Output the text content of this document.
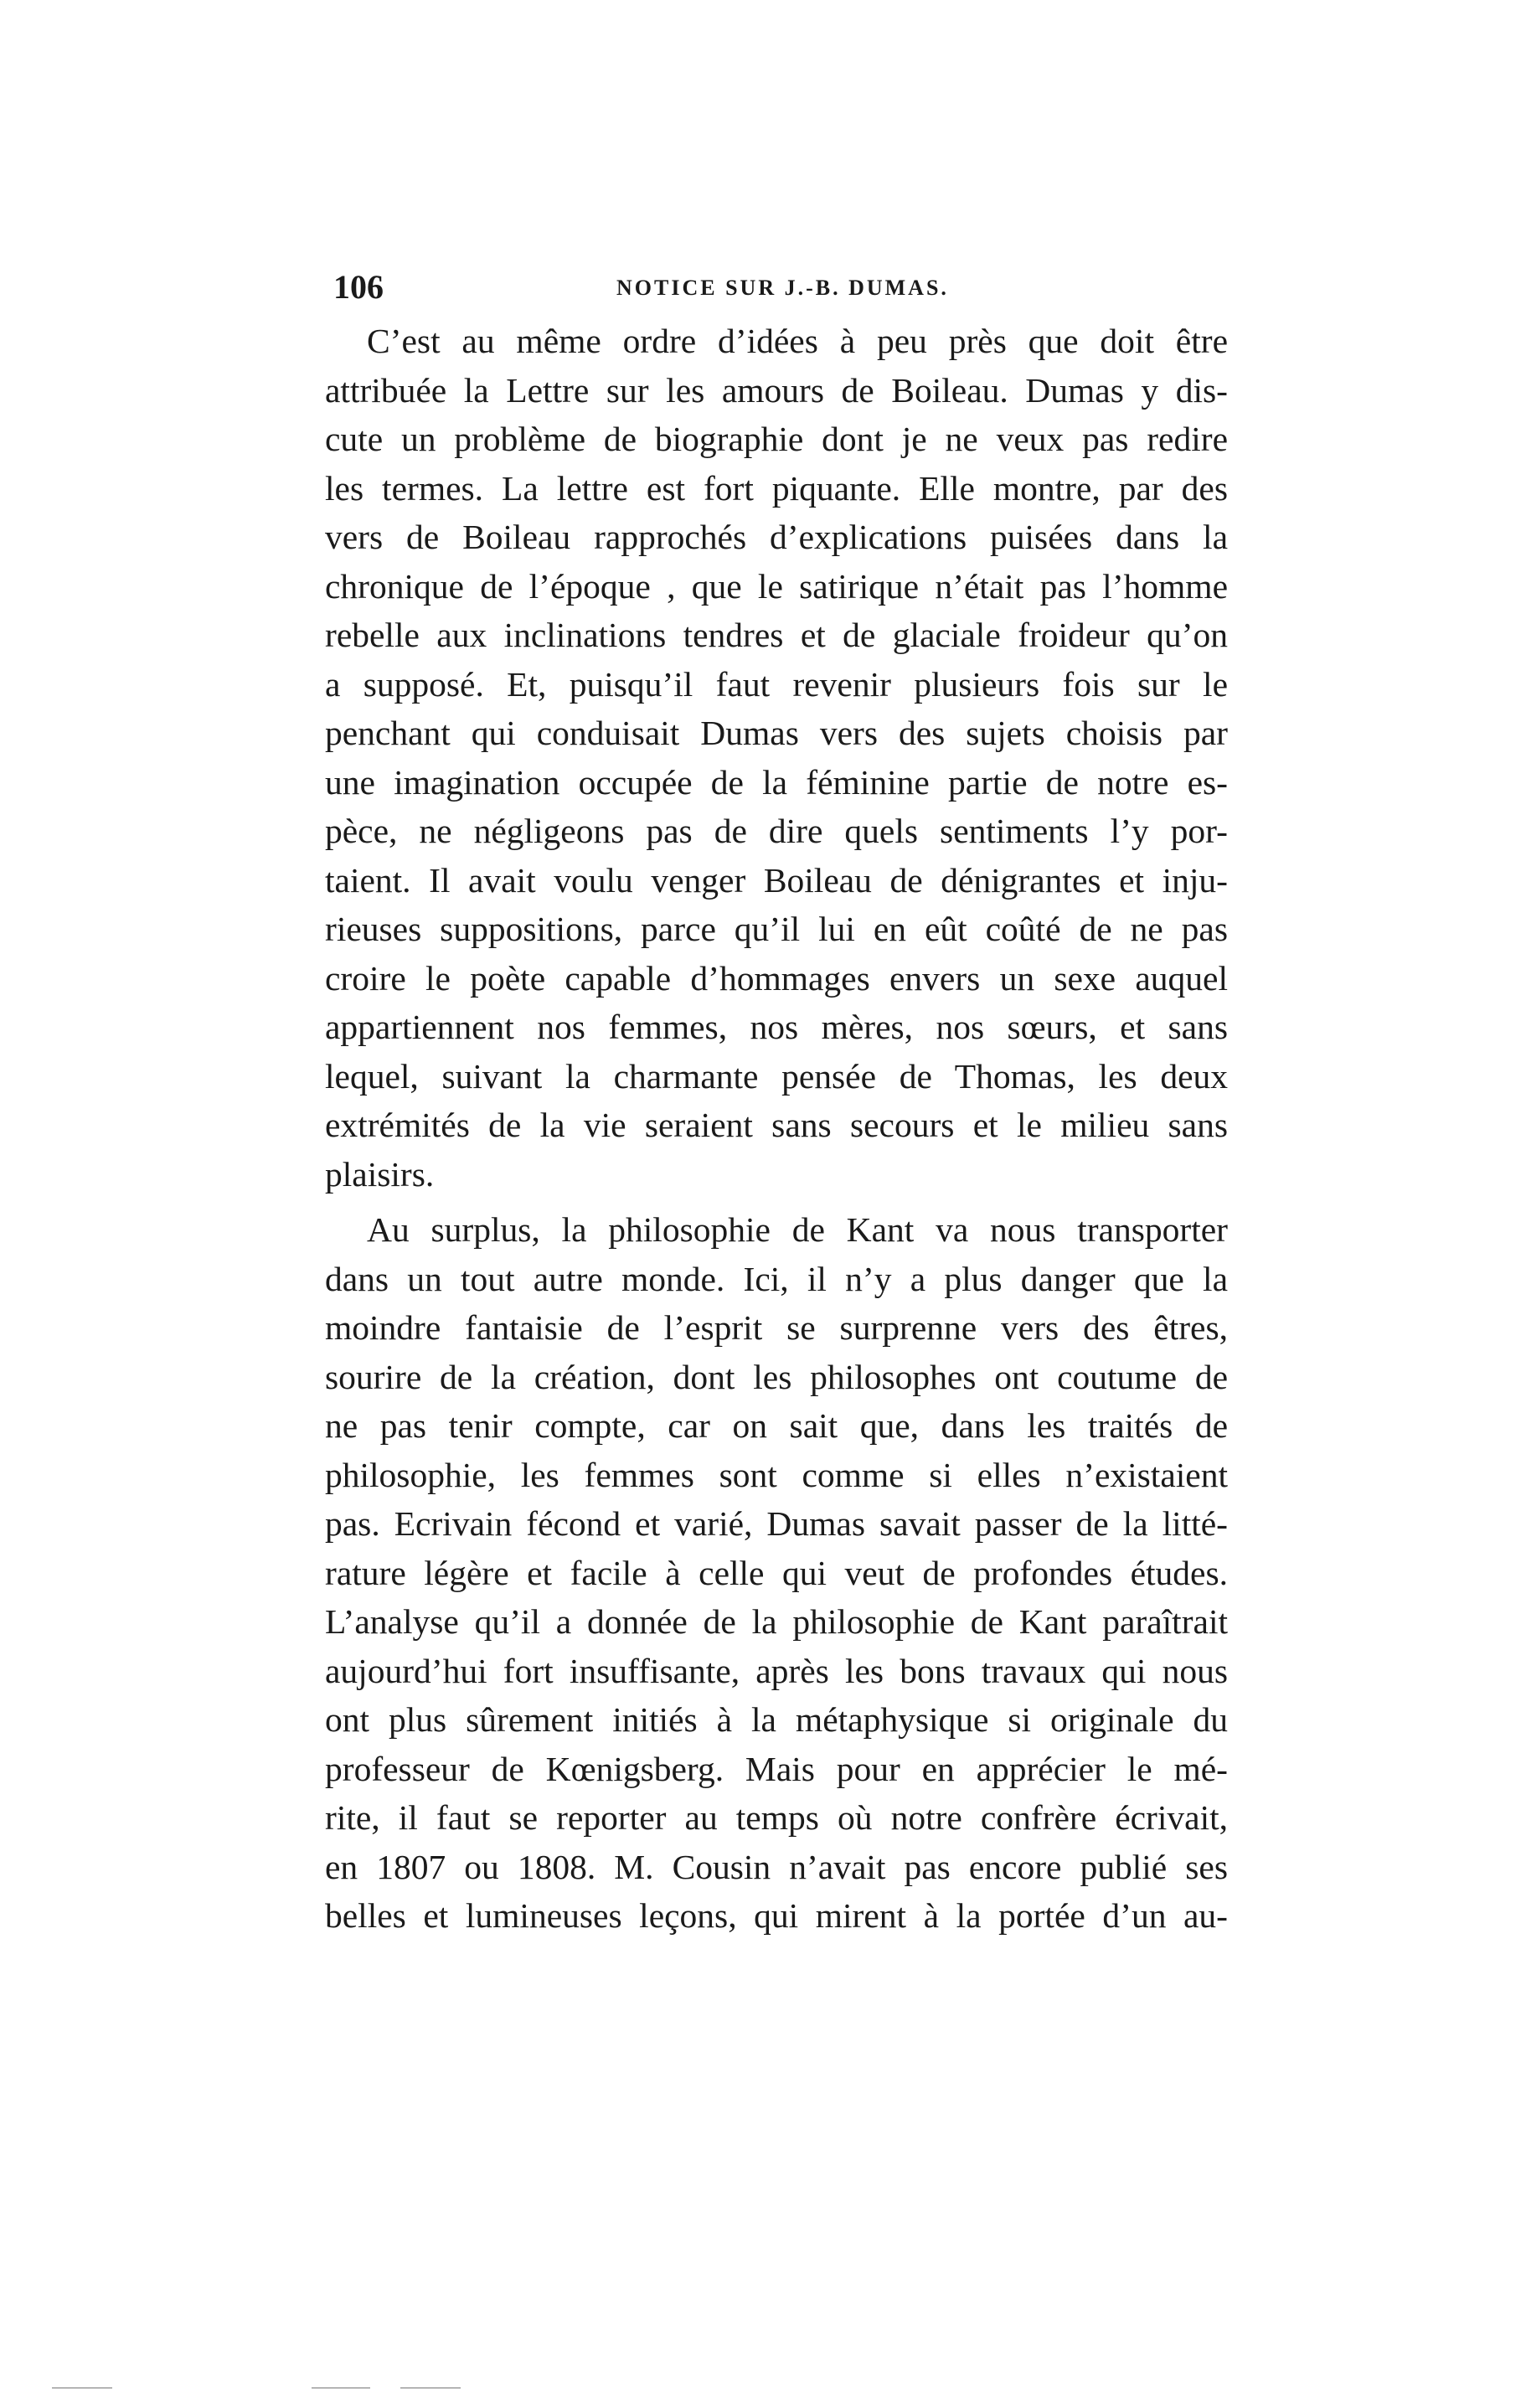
106	NOTICE SUR J.-B. DUMAS.
C’est au même ordre d’idées à peu près que doit être
attribuée la Lettre sur les amours de Boileau. Dumas y dis-
cute un problème de biographie dont je ne veux pas redire
les termes. La lettre est fort piquante. Elle montre, par des
vers de Boileau rapprochés d’explications puisées dans la
chronique de l’époque , que le satirique n’était pas l’homme
rebelle aux inclinations tendres et de glaciale froideur qu’on
a supposé. Et, puisqu’il faut revenir plusieurs fois sur le
penchant qui conduisait Dumas vers des sujets choisis par
une imagination occupée de la féminine partie de notre es-
pèce, ne négligeons pas de dire quels sentiments l’y por-
taient. Il avait voulu venger Boileau de dénigrantes et inju-
rieuses suppositions, parce qu’il lui en eût coûté de ne pas
croire le poète capable d’hommages envers un sexe auquel
appartiennent nos femmes, nos mères, nos sœurs, et sans
lequel, suivant la charmante pensée de Thomas, les deux
extrémités de la vie seraient sans secours et le milieu sans
plaisirs.
Au surplus, la philosophie de Kant va nous transporter
dans un tout autre monde. Ici, il n’y a plus danger que la
moindre fantaisie de l’esprit se surprenne vers des êtres,
sourire de la création, dont les philosophes ont coutume de
ne pas tenir compte, car on sait que, dans les traités de
philosophie, les femmes sont comme si elles n’existaient
pas. Ecrivain fécond et varié, Dumas savait passer de la litté-
rature légère et facile à celle qui veut de profondes études.
L’analyse qu’il a donnée de la philosophie de Kant paraîtrait
aujourd’hui fort insuffisante, après les bons travaux qui nous
ont plus sûrement initiés à la métaphysique si originale du
professeur de Kœnigsberg. Mais pour en apprécier le mé-
rite, il faut se reporter au temps où notre confrère écrivait,
en 1807 ou 1808. M. Cousin n’avait pas encore publié ses
belles et lumineuses leçons, qui mirent à la portée d’un au-
